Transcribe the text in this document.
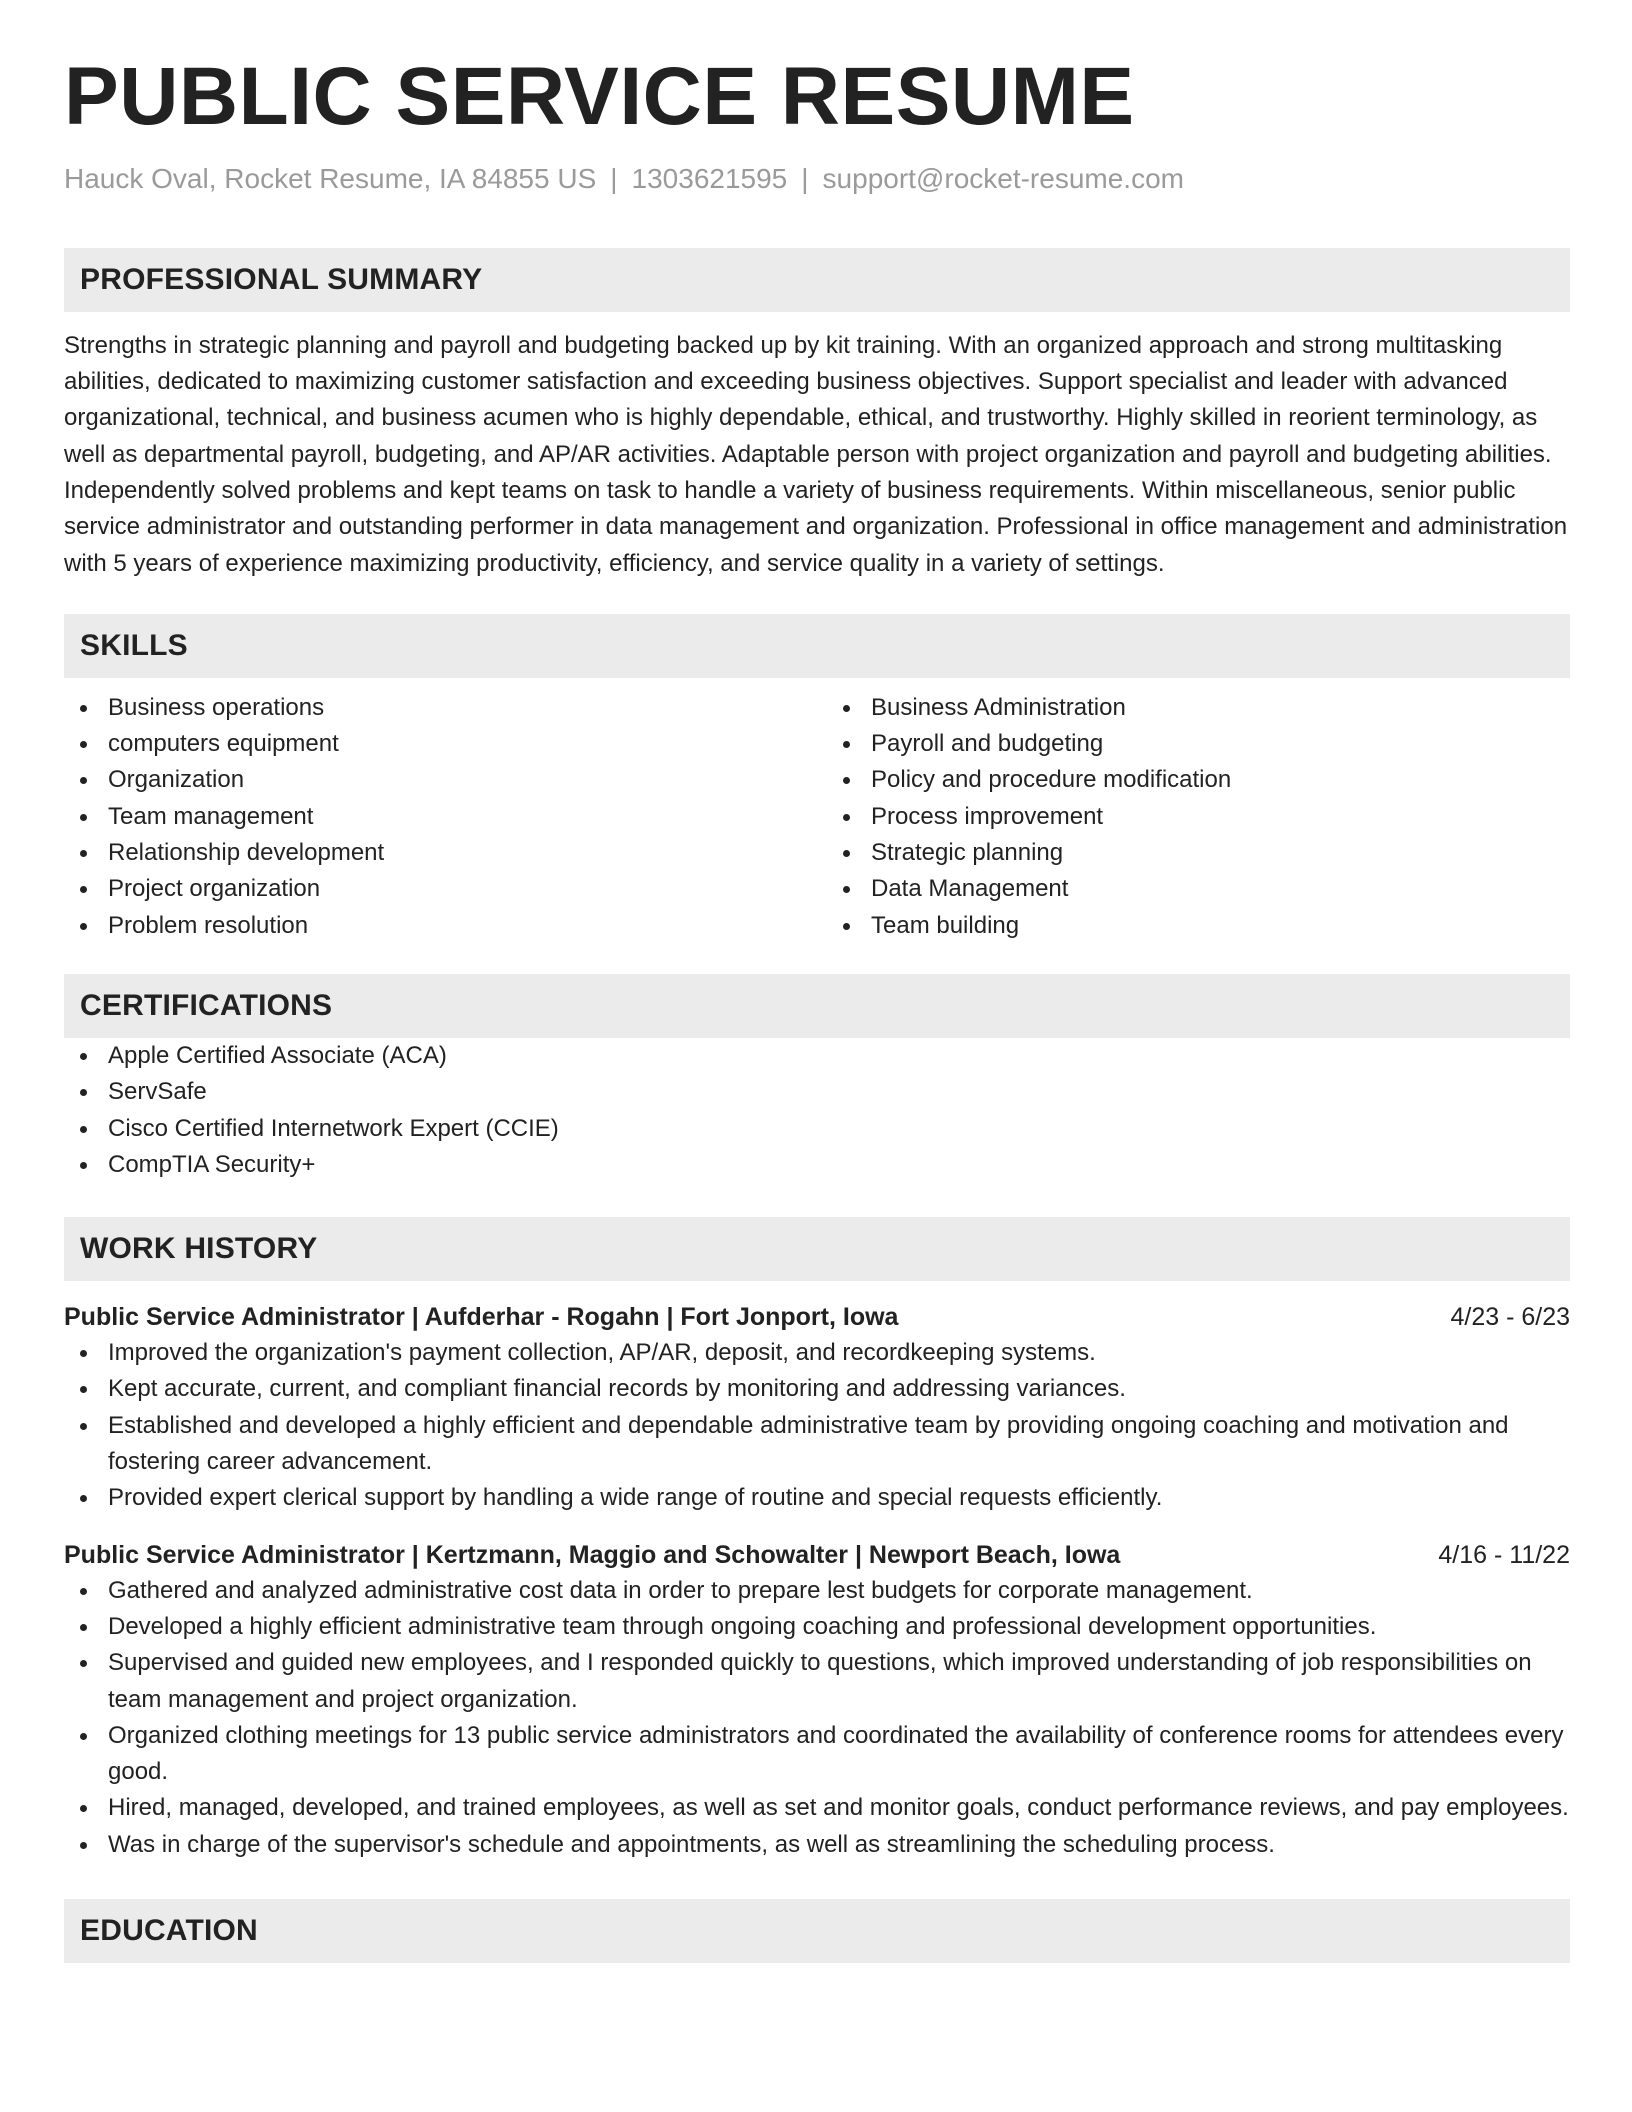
PUBLIC SERVICE RESUME
Hauck Oval, Rocket Resume, IA 84855 US | 1303621595 | support@rocket-resume.com
PROFESSIONAL SUMMARY

Strengths in strategic planning and payroll and budgeting backed up by kit training. With an organized approach and strong multitasking abilities, dedicated to maximizing customer satisfaction and exceeding business objectives. Support specialist and leader with advanced organizational, technical, and business acumen who is highly dependable, ethical, and trustworthy. Highly skilled in reorient terminology, as well as departmental payroll, budgeting, and AP/AR activities. Adaptable person with project organization and payroll and budgeting abilities. Independently solved problems and kept teams on task to handle a variety of business requirements. Within miscellaneous, senior public service administrator and outstanding performer in data management and organization. Professional in office management and administration with 5 years of experience maximizing productivity, efficiency, and service quality in a variety of settings.

SKILLS
Business operations
computers equipment
Organization
Team management
Relationship development
Project organization
Problem resolution
Business Administration
Payroll and budgeting
Policy and procedure modification
Process improvement
Strategic planning
Data Management
Team building
CERTIFICATIONS
Apple Certified Associate (ACA)
ServSafe
Cisco Certified Internetwork Expert (CCIE)
CompTIA Security+
WORK HISTORY
Public Service Administrator | Aufderhar - Rogahn | Fort Jonport, Iowa	4/23 - 6/23
Improved the organization's payment collection, AP/AR, deposit, and recordkeeping systems.
Kept accurate, current, and compliant financial records by monitoring and addressing variances.
Established and developed a highly efficient and dependable administrative team by providing ongoing coaching and motivation and fostering career advancement.
Provided expert clerical support by handling a wide range of routine and special requests efficiently.
Public Service Administrator | Kertzmann, Maggio and Schowalter | Newport Beach, Iowa	4/16 - 11/22
Gathered and analyzed administrative cost data in order to prepare lest budgets for corporate management.
Developed a highly efficient administrative team through ongoing coaching and professional development opportunities.
Supervised and guided new employees, and I responded quickly to questions, which improved understanding of job responsibilities on team management and project organization.
Organized clothing meetings for 13 public service administrators and coordinated the availability of conference rooms for attendees every good.
Hired, managed, developed, and trained employees, as well as set and monitor goals, conduct performance reviews, and pay employees.
Was in charge of the supervisor's schedule and appointments, as well as streamlining the scheduling process.
EDUCATION
